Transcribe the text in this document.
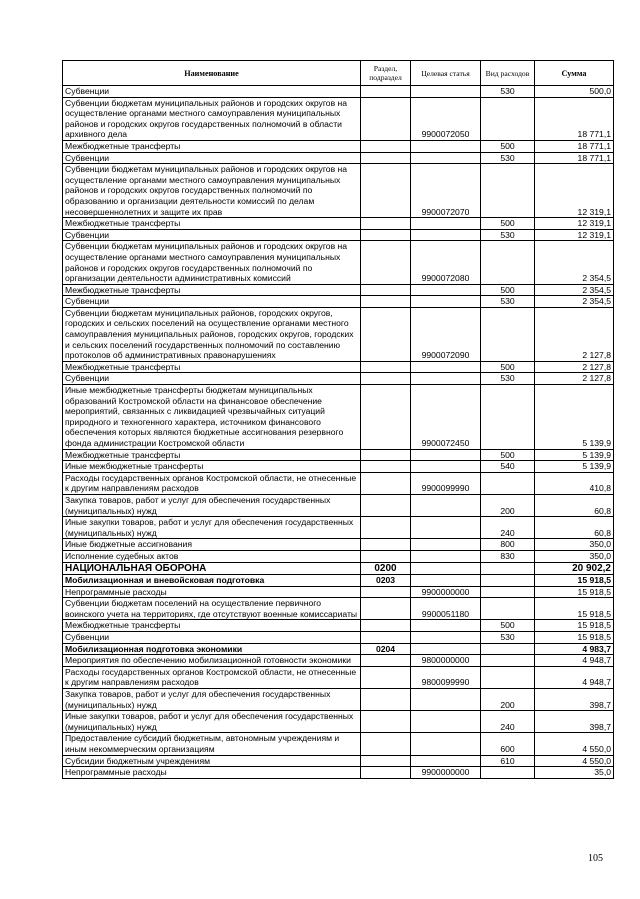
Наименование	Раздел, подраздел	Целевая статья	Вид расходов	Сумма
Субвенции			530	500,0
Субвенции бюджетам муниципальных районов и городских округов на осуществление органами местного самоуправления муниципальных районов и городских округов государственных полномочий в области архивного дела		9900072050		18 771,1
Межбюджетные трансферты			500	18 771,1
Субвенции			530	18 771,1
Субвенции бюджетам муниципальных районов и городских округов на осуществление органами местного самоуправления муниципальных районов и городских округов государственных полномочий по образованию и организации деятельности комиссий по делам несовершеннолетних и защите их прав		9900072070		12 319,1
Межбюджетные трансферты			500	12 319,1
Субвенции			530	12 319,1
Субвенции бюджетам муниципальных районов и городских округов на осуществление органами местного самоуправления муниципальных районов и городских округов государственных полномочий по организации деятельности административных комиссий		9900072080		2 354,5
Межбюджетные трансферты			500	2 354,5
Субвенции			530	2 354,5
Субвенции бюджетам муниципальных районов, городских округов, городских и сельских поселений на осуществление органами местного самоуправления муниципальных районов, городских округов, городских и сельских поселений государственных полномочий по составлению протоколов об административных правонарушениях		9900072090		2 127,8
Межбюджетные трансферты			500	2 127,8
Субвенции			530	2 127,8
Иные межбюджетные трансферты бюджетам муниципальных образований Костромской области на финансовое обеспечение мероприятий, связанных с ликвидацией чрезвычайных ситуаций природного и техногенного характера, источником финансового обеспечения которых являются бюджетные ассигнования резервного фонда администрации Костромской области		9900072450		5 139,9
Межбюджетные трансферты			500	5 139,9
Иные межбюджетные трансферты			540	5 139,9
Расходы государственных органов Костромской области, не отнесенные к другим направлениям расходов		9900099990		410,8
Закупка товаров, работ и услуг для обеспечения государственных (муниципальных) нужд			200	60,8
Иные закупки товаров, работ и услуг для обеспечения государственных (муниципальных) нужд			240	60,8
Иные бюджетные ассигнования			800	350,0
Исполнение судебных актов			830	350,0
НАЦИОНАЛЬНАЯ ОБОРОНА	0200			20 902,2
Мобилизационная и вневойсковая подготовка	0203			15 918,5
Непрограммные расходы		9900000000		15 918,5
Субвенции бюджетам поселений на осуществление первичного воинского учета на территориях, где отсутствуют военные комиссариаты		9900051180		15 918,5
Межбюджетные трансферты			500	15 918,5
Субвенции			530	15 918,5
Мобилизационная подготовка экономики	0204			4 983,7
Мероприятия по обеспечению мобилизационной готовности экономики		9800000000		4 948,7
Расходы государственных органов Костромской области, не отнесенные к другим направлениям расходов		9800099990		4 948,7
Закупка товаров, работ и услуг для обеспечения государственных (муниципальных) нужд			200	398,7
Иные закупки товаров, работ и услуг для обеспечения государственных (муниципальных) нужд			240	398,7
Предоставление субсидий бюджетным, автономным учреждениям и иным некоммерческим организациям			600	4 550,0
Субсидии бюджетным учреждениям			610	4 550,0
Непрограммные расходы		9900000000		35,0
105
